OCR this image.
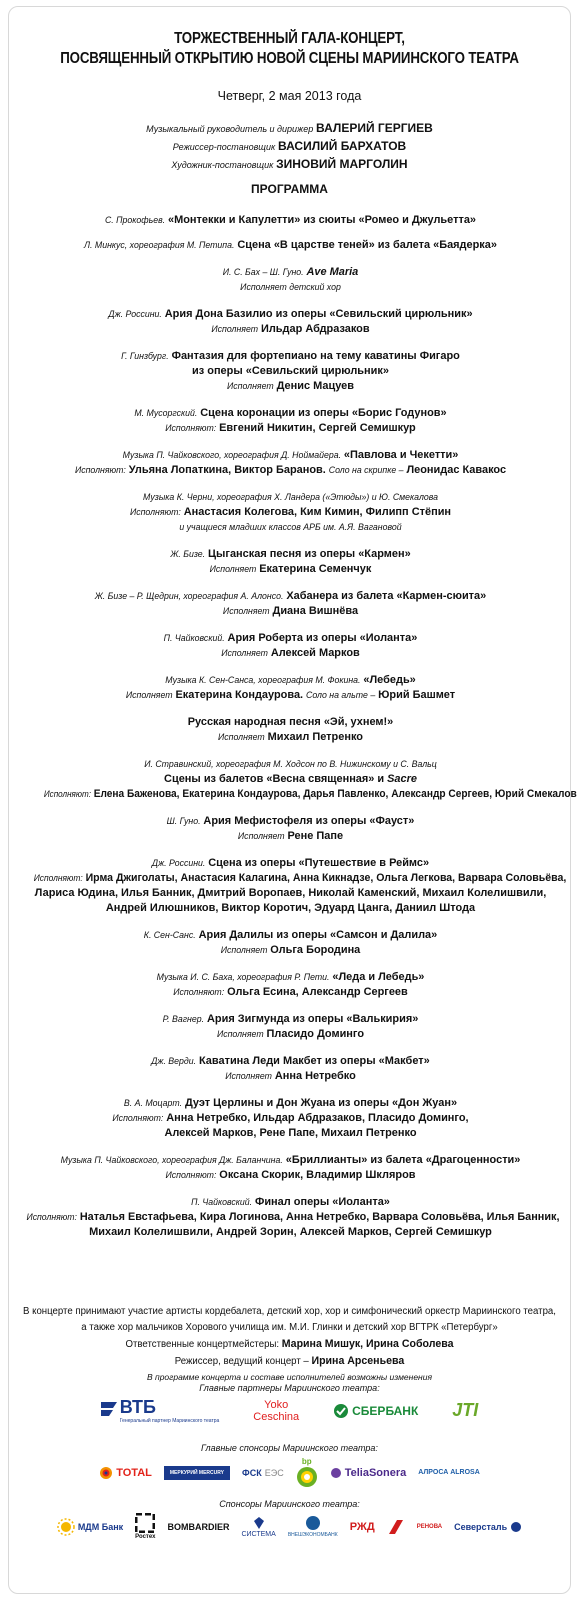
ТОРЖЕСТВЕННЫЙ ГАЛА-КОНЦЕРТ,
ПОСВЯЩЕННЫЙ ОТКРЫТИЮ НОВОЙ СЦЕНЫ МАРИИНСКОГО ТЕАТРА
Четверг, 2 мая 2013 года
Музыкальный руководитель и дирижер ВАЛЕРИЙ ГЕРГИЕВ
Режиссер-постановщик ВАСИЛИЙ БАРХАТОВ
Художник-постановщик ЗИНОВИЙ МАРГОЛИН
ПРОГРАММА
С. Прокофьев. «Монтекки и Капулетти» из сюиты «Ромео и Джульетта»
Л. Минкус, хореография М. Петипа. Сцена «В царстве теней» из балета «Баядерка»
И. С. Бах – Ш. Гуно. Ave Maria
Исполняет детский хор
Дж. Россини. Ария Дона Базилио из оперы «Севильский цирюльник»
Исполняет Ильдар Абдразаков
Г. Гинзбург. Фантазия для фортепиано на тему каватины Фигаро
из оперы «Севильский цирюльник»
Исполняет Денис Мацуев
М. Мусоргский. Сцена коронации из оперы «Борис Годунов»
Исполняют: Евгений Никитин, Сергей Семишкур
Музыка П. Чайковского, хореография Д. Ноймайера. «Павлова и Чекетти»
Исполняют: Ульяна Лопаткина, Виктор Баранов. Соло на скрипке – Леонидас Кавакос
Музыка К. Черни, хореография Х. Ландера («Этюды») и Ю. Смекалова
Исполняют: Анастасия Колегова, Ким Кимин, Филипп Стёпин
и учащиеся младших классов АРБ им. А.Я. Вагановой
Ж. Бизе. Цыганская песня из оперы «Кармен»
Исполняет Екатерина Семенчук
Ж. Бизе – Р. Щедрин, хореография А. Алонсо. Хабанера из балета «Кармен-сюита»
Исполняет Диана Вишнёва
П. Чайковский. Ария Роберта из оперы «Иоланта»
Исполняет Алексей Марков
Музыка К. Сен-Санса, хореография М. Фокина. «Лебедь»
Исполняет Екатерина Кондаурова. Соло на альте – Юрий Башмет
Русская народная песня «Эй, ухнем!»
Исполняет Михаил Петренко
И. Стравинский, хореография М. Ходсон по В. Нижинскому и С. Вальц
Сцены из балетов «Весна священная» и Sacre
Исполняют: Елена Баженова, Екатерина Кондаурова, Дарья Павленко, Александр Сергеев, Юрий Смекалов
Ш. Гуно. Ария Мефистофеля из оперы «Фауст»
Исполняет Рене Папе
Дж. Россини. Сцена из оперы «Путешествие в Реймс»
Исполняют: Ирма Джиголаты, Анастасия Калагина, Анна Кикнадзе, Ольга Легкова, Варвара Соловьёва,
Лариса Юдина, Илья Банник, Дмитрий Воропаев, Николай Каменский, Михаил Колелишвили,
Андрей Илюшников, Виктор Коротич, Эдуард Цанга, Даниил Штода
К. Сен-Санс. Ария Далилы из оперы «Самсон и Далила»
Исполняет Ольга Бородина
Музыка И. С. Баха, хореография Р. Пети. «Леда и Лебедь»
Исполняют: Ольга Есина, Александр Сергеев
Р. Вагнер. Ария Зигмунда из оперы «Валькирия»
Исполняет Пласидо Доминго
Дж. Верди. Каватина Леди Макбет из оперы «Макбет»
Исполняет Анна Нетребко
В. А. Моцарт. Дуэт Церлины и Дон Жуана из оперы «Дон Жуан»
Исполняют: Анна Нетребко, Ильдар Абдразаков, Пласидо Доминго,
Алексей Марков, Рене Папе, Михаил Петренко
Музыка П. Чайковского, хореография Дж. Баланчина. «Бриллианты» из балета «Драгоценности»
Исполняют: Оксана Скорик, Владимир Шкляров
П. Чайковский. Финал оперы «Иоланта»
Исполняют: Наталья Евстафьева, Кира Логинова, Анна Нетребко, Варвара Соловьёва, Илья Банник,
Михаил Колелишвили, Андрей Зорин, Алексей Марков, Сергей Семишкур
В концерте принимают участие артисты кордебалета, детский хор, хор и симфонический оркестр Мариинского театра,
а также хор мальчиков Хорового училища им. М.И. Глинки и детский хор ВГТРК «Петербург»
Ответственные концертмейстеры: Марина Мишук, Ирина Соболева
Режиссер, ведущий концерт – Ирина Арсеньева
В программе концерта и составе исполнителей возможны изменения
Главные партнеры Мариинского театра:
ВТБ
Генеральный партнер Мариинского театра
Yoko
Ceschina	СБЕРБАНК JTI
Главные спонсоры Мариинского театра:
TOTAL	МЕРКУРИЙ MERCURY	ФСК ЕЭС
bp
TeliaSonera АЛРОСА ALROSA
Спонсоры Мариинского театра:
МДМ Банк
Ростех
BOMBARDIER
СИСТЕМА ВНЕШЭКОНОМБАНК
РЖД	РЕНОВА Северсталь
